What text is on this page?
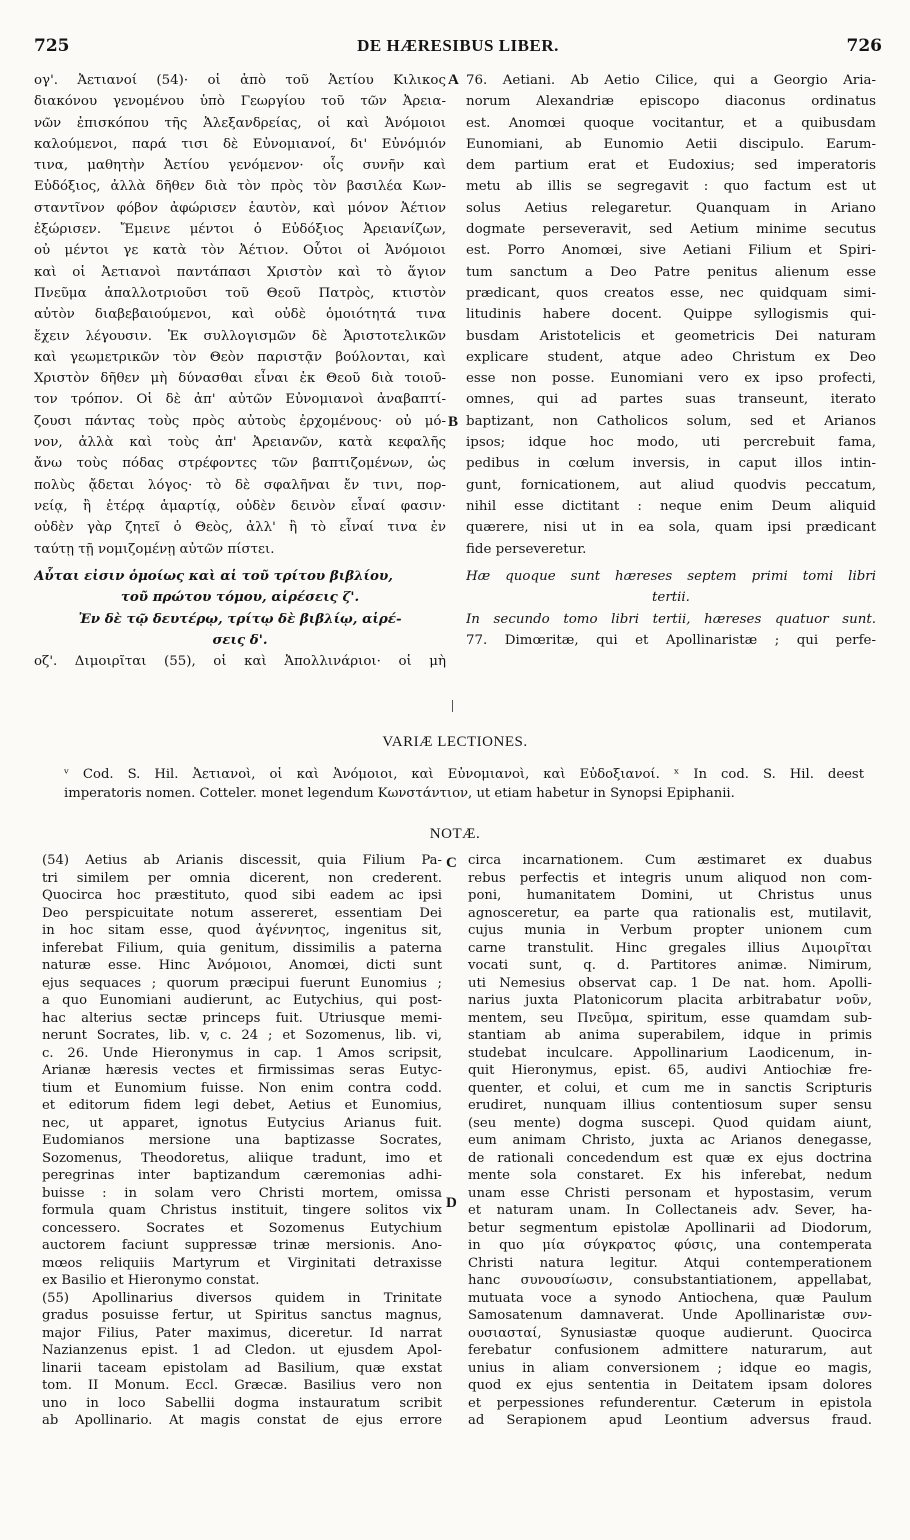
725	DE HÆRESIBUS LIBER.	726
ογ'. Ἀετιανοί (54)· οἱ ἀπὸ τοῦ Ἀετίου Κιλικος
διακόνου γενομένου ὑπὸ Γεωργίου τοῦ τῶν Ἀρεια-
νῶν ἐπισκόπου τῆς Ἀλεξανδρείας, οἱ καὶ Ἀνόμοιοι
καλούμενοι, παρά τισι δὲ Εὐνομιανοί, δι' Εὐνόμιόν
τινα, μαθητὴν Ἀετίου γενόμενον· οἷς συνῆν καὶ
Εὐδόξιος, ἀλλὰ δῆθεν διὰ τὸν πρὸς τὸν βασιλέα Κων-
σταντῖνον φόβον ἀφώρισεν ἑαυτὸν, καὶ μόνον Ἀέτιον
ἐξώρισεν. Ἔμεινε μέντοι ὁ Εὐδόξιος Ἀρειανίζων,
οὐ μέντοι γε κατὰ τὸν Ἀέτιον. Οὗτοι οἱ Ἀνόμοιοι
καὶ οἱ Ἀετιανοὶ παντάπασι Χριστὸν καὶ τὸ ἅγιον
Πνεῦμα ἀπαλλοτριοῦσι τοῦ Θεοῦ Πατρὸς, κτιστὸν
αὐτὸν διαβεβαιούμενοι, καὶ οὐδὲ ὁμοιότητά τινα
ἔχειν λέγουσιν. Ἐκ συλλογισμῶν δὲ Ἀριστοτελικῶν
καὶ γεωμετρικῶν τὸν Θεὸν παριστᾷν βούλονται, καὶ
Χριστὸν δῆθεν μὴ δύνασθαι εἶναι ἐκ Θεοῦ διὰ τοιοῦ-
τον τρόπον. Οἱ δὲ ἀπ' αὐτῶν Εὐνομιανοὶ ἀναβαπτί-
ζουσι πάντας τοὺς πρὸς αὐτοὺς ἐρχομένους· οὐ μό-
νον, ἀλλὰ καὶ τοὺς ἀπ' Ἀρειανῶν, κατὰ κεφαλῆς
ἄνω τοὺς πόδας στρέφοντες τῶν βαπτιζομένων, ὡς
πολὺς ᾄδεται λόγος· τὸ δὲ σφαλῆναι ἔν τινι, πορ-
νείᾳ, ἢ ἑτέρᾳ ἁμαρτίᾳ, οὐδὲν δεινὸν εἶναί φασιν·
οὐδὲν γὰρ ζητεῖ ὁ Θεὸς, ἀλλ' ἢ τὸ εἶναί τινα ἐν
ταύτῃ τῇ νομιζομένῃ αὐτῶν πίστει.
Αὗται εἰσιν ὁμοίως καὶ αἱ τοῦ τρίτου βιβλίου,
τοῦ πρώτου τόμου, αἱρέσεις ζ'.
Ἐν δὲ τῷ δευτέρῳ, τρίτῳ δὲ βιβλίῳ, αἱρέ-
σεις δ'.
οζ'. Διμοιρῖται (55), οἱ καὶ Ἀπολλινάριοι· οἱ μὴ
76. Aetiani. Ab Aetio Cilice, qui a Georgio Aria-
norum Alexandriæ episcopo diaconus ordinatus
est. Anomœi quoque vocitantur, et a quibusdam
Eunomiani, ab Eunomio Aetii discipulo. Earum-
dem partium erat et Eudoxius; sed imperatoris
metu ab illis se segregavit : quo factum est ut
solus Aetius relegaretur. Quanquam in Ariano
dogmate perseveravit, sed Aetium minime secutus
est. Porro Anomœi, sive Aetiani Filium et Spiri-
tum sanctum a Deo Patre penitus alienum esse
prædicant, quos creatos esse, nec quidquam simi-
litudinis habere docent. Quippe syllogismis qui-
busdam Aristotelicis et geometricis Dei naturam
explicare student, atque adeo Christum ex Deo
esse non posse. Eunomiani vero ex ipso profecti,
omnes, qui ad partes suas transeunt, iterato
baptizant, non Catholicos solum, sed et Arianos
ipsos; idque hoc modo, uti percrebuit fama,
pedibus in cœlum inversis, in caput illos intin-
gunt, fornicationem, aut aliud quodvis peccatum,
nihil esse dictitant : neque enim Deum aliquid
quærere, nisi ut in ea sola, quam ipsi prædicant
fide perseveretur.
Hæ quoque sunt hæreses septem primi tomi libri
tertii.
In secundo tomo libri tertii, hæreses quatuor sunt.
77. Dimœritæ, qui et Apollinaristæ ; qui perfe-
A
B
C
D
VARIÆ LECTIONES.
ᵛ Cod. S. Hil. Ἀετιανοὶ, οἱ καὶ Ἀνόμοιοι, καὶ Εὐνομιανοὶ, καὶ Εὐδοξιανοί. ˣ In cod. S. Hil. deest
imperatoris nomen. Cotteler. monet legendum Κωνστάντιον, ut etiam habetur in Synopsi Epiphanii.
NOTÆ.
(54) Aetius ab Arianis discessit, quia Filium Pa-
tri similem per omnia dicerent, non crederent.
Quocirca hoc præstituto, quod sibi eadem ac ipsi
Deo perspicuitate notum assereret, essentiam Dei
in hoc sitam esse, quod ἀγέννητος, ingenitus sit,
inferebat Filium, quia genitum, dissimilis a paterna
naturæ esse. Hinc Ἀνόμοιοι, Anomœi, dicti sunt
ejus sequaces ; quorum præcipui fuerunt Eunomius ;
a quo Eunomiani audierunt, ac Eutychius, qui post-
hac alterius sectæ princeps fuit. Utriusque memi-
nerunt Socrates, lib. v, c. 24 ; et Sozomenus, lib. vi,
c. 26. Unde Hieronymus in cap. 1 Amos scripsit,
Arianæ hæresis vectes et firmissimas seras Eutyc-
tium et Eunomium fuisse. Non enim contra codd.
et editorum fidem legi debet, Aetius et Eunomius,
nec, ut apparet, ignotus Eutycius Arianus fuit.
Eudomianos mersione una baptizasse Socrates,
Sozomenus, Theodoretus, aliique tradunt, imo et
peregrinas inter baptizandum cæremonias adhi-
buisse : in solam vero Christi mortem, omissa
formula quam Christus instituit, tingere solitos vix
concessero. Socrates et Sozomenus Eutychium
auctorem faciunt suppressæ trinæ mersionis. Ano-
mœos reliquiis Martyrum et Virginitati detraxisse
ex Basilio et Hieronymo constat.
(55) Apollinarius diversos quidem in Trinitate
gradus posuisse fertur, ut Spiritus sanctus magnus,
major Filius, Pater maximus, diceretur. Id narrat
Nazianzenus epist. 1 ad Cledon. ut ejusdem Apol-
linarii taceam epistolam ad Basilium, quæ exstat
tom. II Monum. Eccl. Græcæ. Basilius vero non
uno in loco Sabellii dogma instauratum scribit
ab Apollinario. At magis constat de ejus errore
circa incarnationem. Cum æstimaret ex duabus
rebus perfectis et integris unum aliquod non com-
poni, humanitatem Domini, ut Christus unus
agnosceretur, ea parte qua rationalis est, mutilavit,
cujus munia in Verbum propter unionem cum
carne transtulit. Hinc gregales illius Διμοιρῖται
vocati sunt, q. d. Partitores animæ. Nimirum,
uti Nemesius observat cap. 1 De nat. hom. Apolli-
narius juxta Platonicorum placita arbitrabatur νοῦν,
mentem, seu Πνεῦμα, spiritum, esse quamdam sub-
stantiam ab anima superabilem, idque in primis
studebat inculcare. Appollinarium Laodicenum, in-
quit Hieronymus, epist. 65, audivi Antiochiæ fre-
quenter, et colui, et cum me in sanctis Scripturis
erudiret, nunquam illius contentiosum super sensu
(seu mente) dogma suscepi. Quod quidam aiunt,
eum animam Christo, juxta ac Arianos denegasse,
de rationali concedendum est quæ ex ejus doctrina
mente sola constaret. Ex his inferebat, nedum
unam esse Christi personam et hypostasim, verum
et naturam unam. In Collectaneis adv. Sever, ha-
betur segmentum epistolæ Apollinarii ad Diodorum,
in quo μία σύγκρατος φύσις, una contemperata
Christi natura legitur. Atqui contemperationem
hanc συνουσίωσιν, consubstantiationem, appellabat,
mutuata voce a synodo Antiochena, quæ Paulum
Samosatenum damnaverat. Unde Apollinaristæ συν-
ουσιασταί, Synusiastæ quoque audierunt. Quocirca
ferebatur confusionem admittere naturarum, aut
unius in aliam conversionem ; idque eo magis,
quod ex ejus sententia in Deitatem ipsam dolores
et perpessiones refunderentur. Cæterum in epistola
ad Serapionem apud Leontium adversus fraud.
